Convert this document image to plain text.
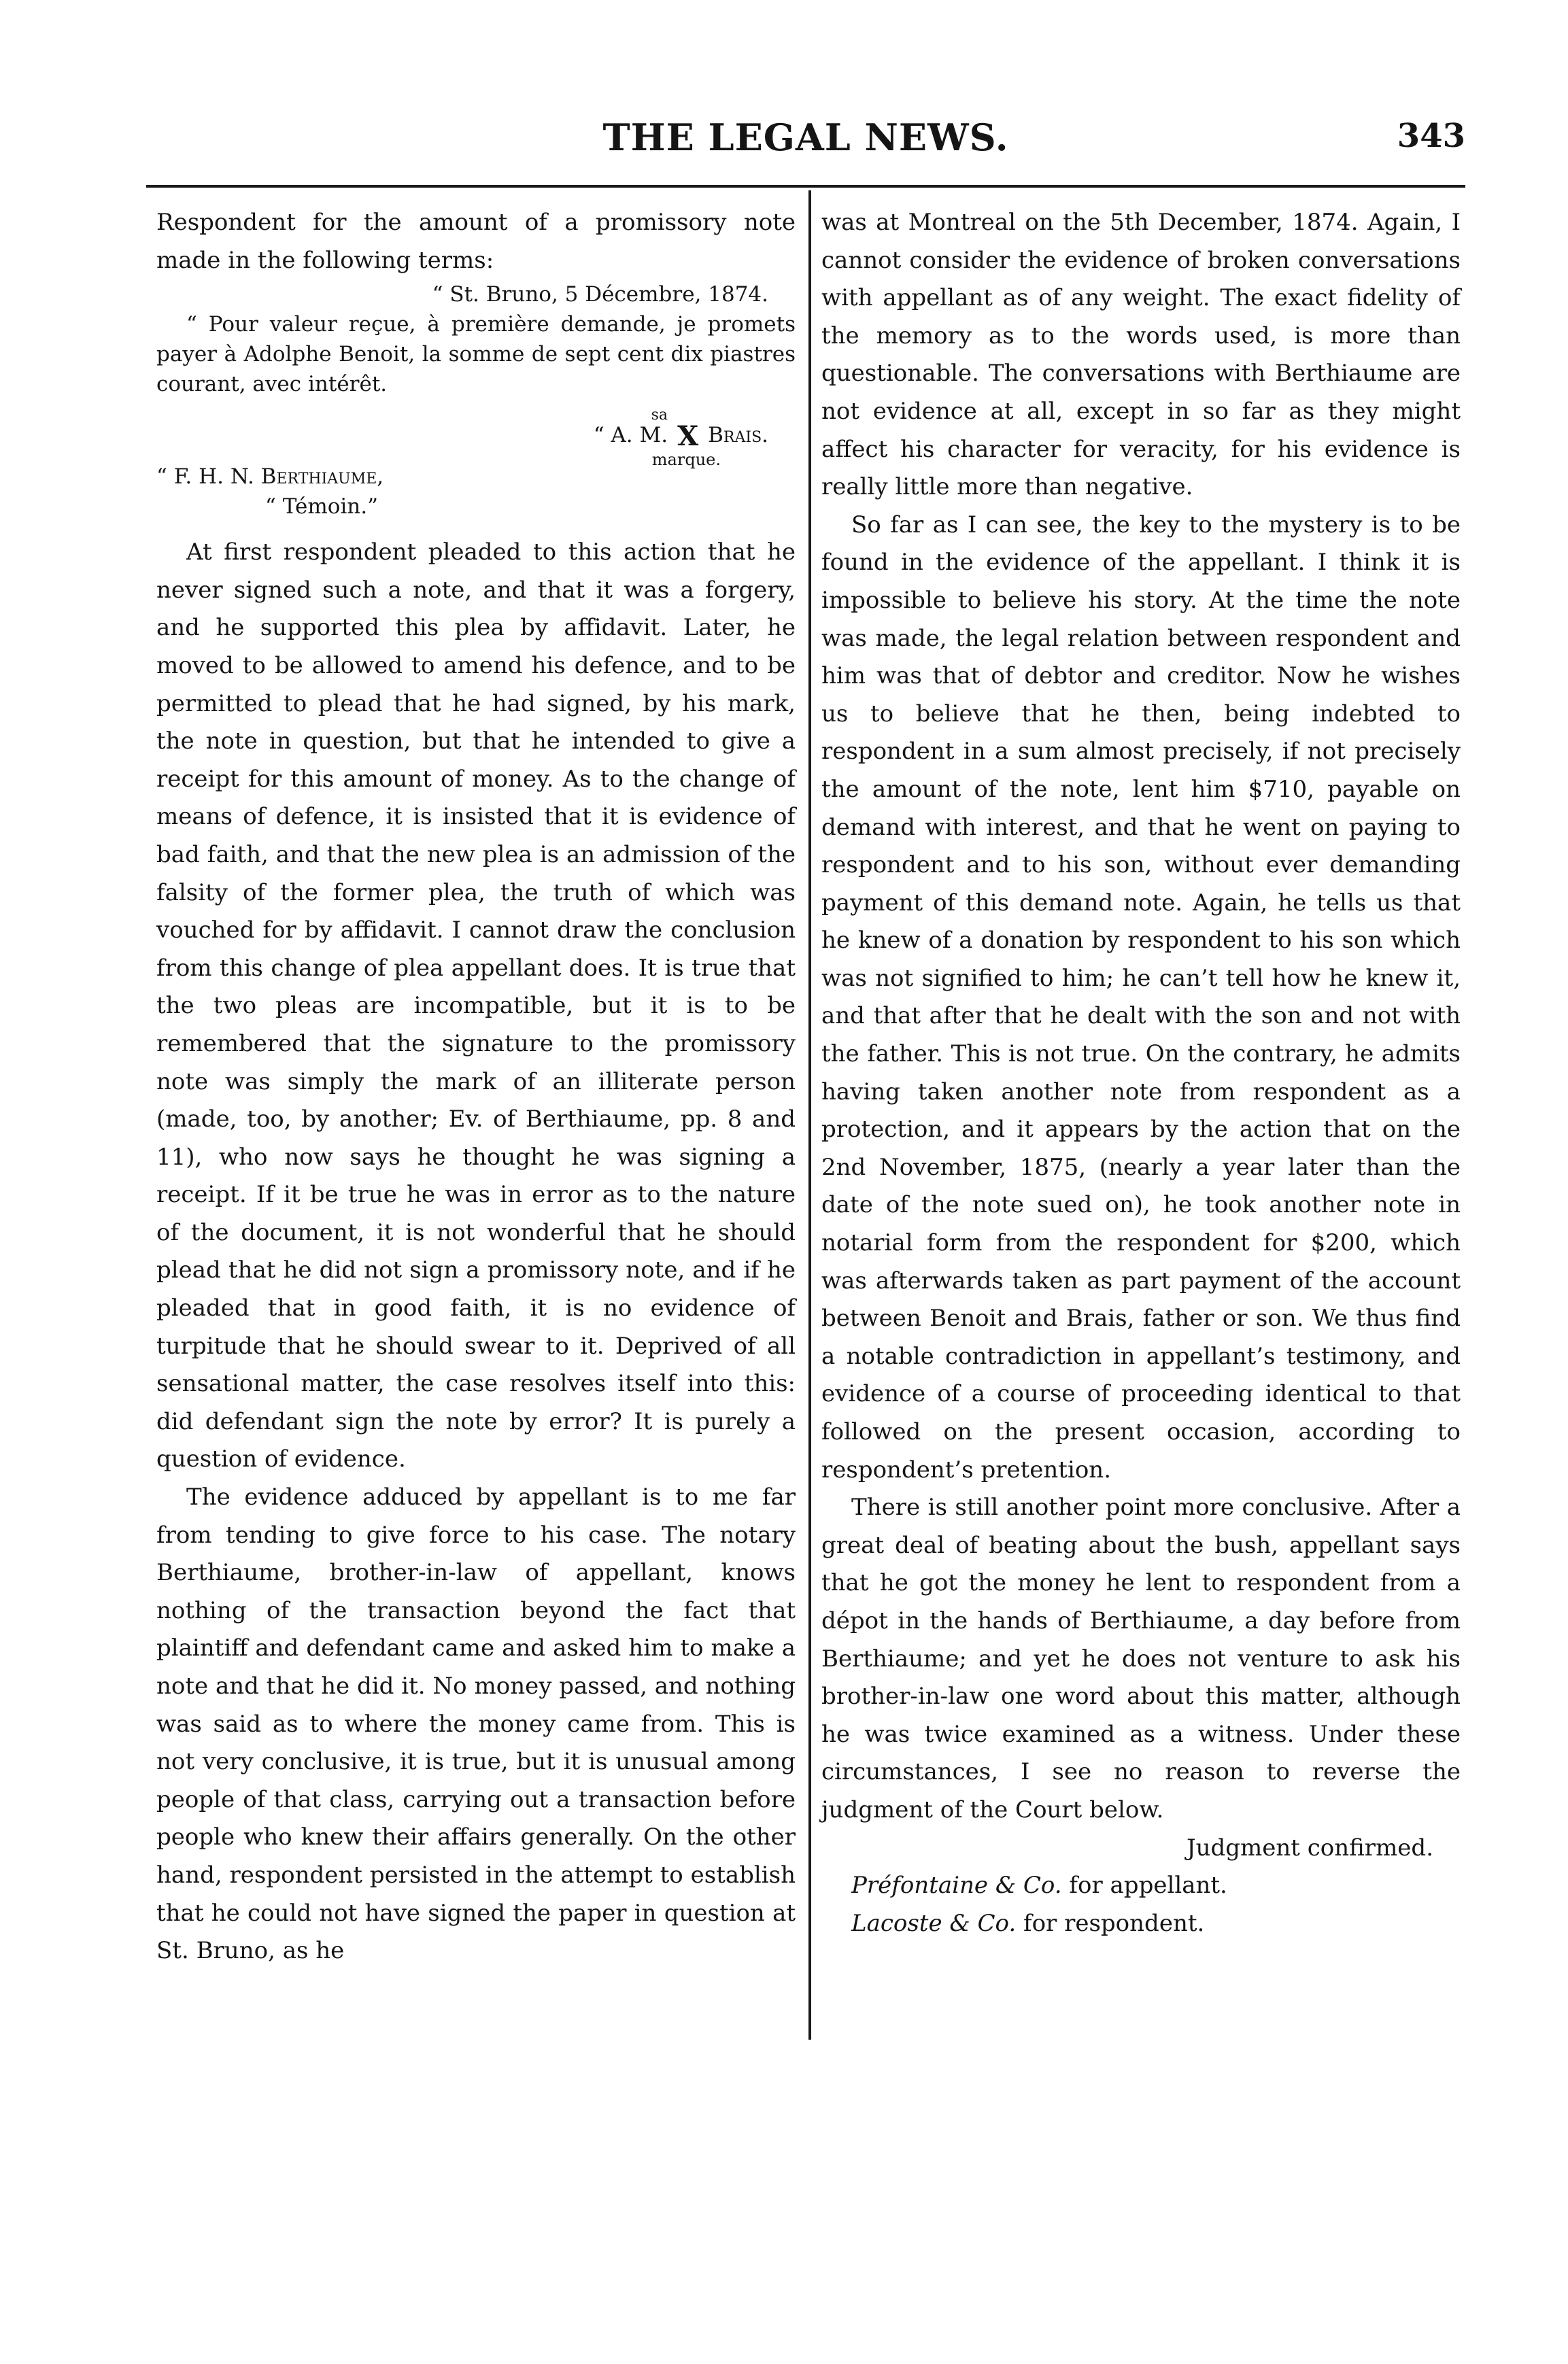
THE LEGAL NEWS.	343

Respondent for the amount of a promissory note made in the following terms:

“ St. Bruno, 5 Décembre, 1874.
“ Pour valeur reçue, à première demande, je promets payer à Adolphe Benoit, la somme de sept cent dix piastres courant, avec intérêt.
sa
“ A. M. X Brais.
marque.
“ F. H. N. Berthiaume,
“ Témoin.”

At first respondent pleaded to this action that he never signed such a note, and that it was a forgery, and he supported this plea by affidavit. Later, he moved to be allowed to amend his defence, and to be permitted to plead that he had signed, by his mark, the note in question, but that he intended to give a receipt for this amount of money. As to the change of means of defence, it is insisted that it is evidence of bad faith, and that the new plea is an admission of the falsity of the former plea, the truth of which was vouched for by affidavit. I cannot draw the conclusion from this change of plea appellant does. It is true that the two pleas are incompatible, but it is to be remembered that the signature to the promissory note was simply the mark of an illiterate person (made, too, by another; Ev. of Berthiaume, pp. 8 and 11), who now says he thought he was signing a receipt. If it be true he was in error as to the nature of the document, it is not wonderful that he should plead that he did not sign a promissory note, and if he pleaded that in good faith, it is no evidence of turpitude that he should swear to it. Deprived of all sensational matter, the case resolves itself into this: did defendant sign the note by error? It is purely a question of evidence.

The evidence adduced by appellant is to me far from tending to give force to his case. The notary Berthiaume, brother-in-law of appellant, knows nothing of the transaction beyond the fact that plaintiff and defendant came and asked him to make a note and that he did it. No money passed, and nothing was said as to where the money came from. This is not very conclusive, it is true, but it is unusual among people of that class, carrying out a transaction before people who knew their affairs generally. On the other hand, respondent persisted in the attempt to establish that he could not have signed the paper in question at St. Bruno, as he

was at Montreal on the 5th December, 1874. Again, I cannot consider the evidence of broken conversations with appellant as of any weight. The exact fidelity of the memory as to the words used, is more than questionable. The conversations with Berthiaume are not evidence at all, except in so far as they might affect his character for veracity, for his evidence is really little more than negative.

So far as I can see, the key to the mystery is to be found in the evidence of the appellant. I think it is impossible to believe his story. At the time the note was made, the legal relation between respondent and him was that of debtor and creditor. Now he wishes us to believe that he then, being indebted to respondent in a sum almost precisely, if not precisely the amount of the note, lent him $710, payable on demand with interest, and that he went on paying to respondent and to his son, without ever demanding payment of this demand note. Again, he tells us that he knew of a donation by respondent to his son which was not signified to him; he can’t tell how he knew it, and that after that he dealt with the son and not with the father. This is not true. On the contrary, he admits having taken another note from respondent as a protection, and it appears by the action that on the 2nd November, 1875, (nearly a year later than the date of the note sued on), he took another note in notarial form from the respondent for $200, which was afterwards taken as part payment of the account between Benoit and Brais, father or son. We thus find a notable contradiction in appellant’s testimony, and evidence of a course of proceeding identical to that followed on the present occasion, according to respondent’s pretention.

There is still another point more conclusive. After a great deal of beating about the bush, appellant says that he got the money he lent to respondent from a dépot in the hands of Berthiaume, a day before from Berthiaume; and yet he does not venture to ask his brother-in-law one word about this matter, although he was twice examined as a witness. Under these circumstances, I see no reason to reverse the judgment of the Court below.

Judgment confirmed.

Préfontaine & Co. for appellant.

Lacoste & Co. for respondent.
